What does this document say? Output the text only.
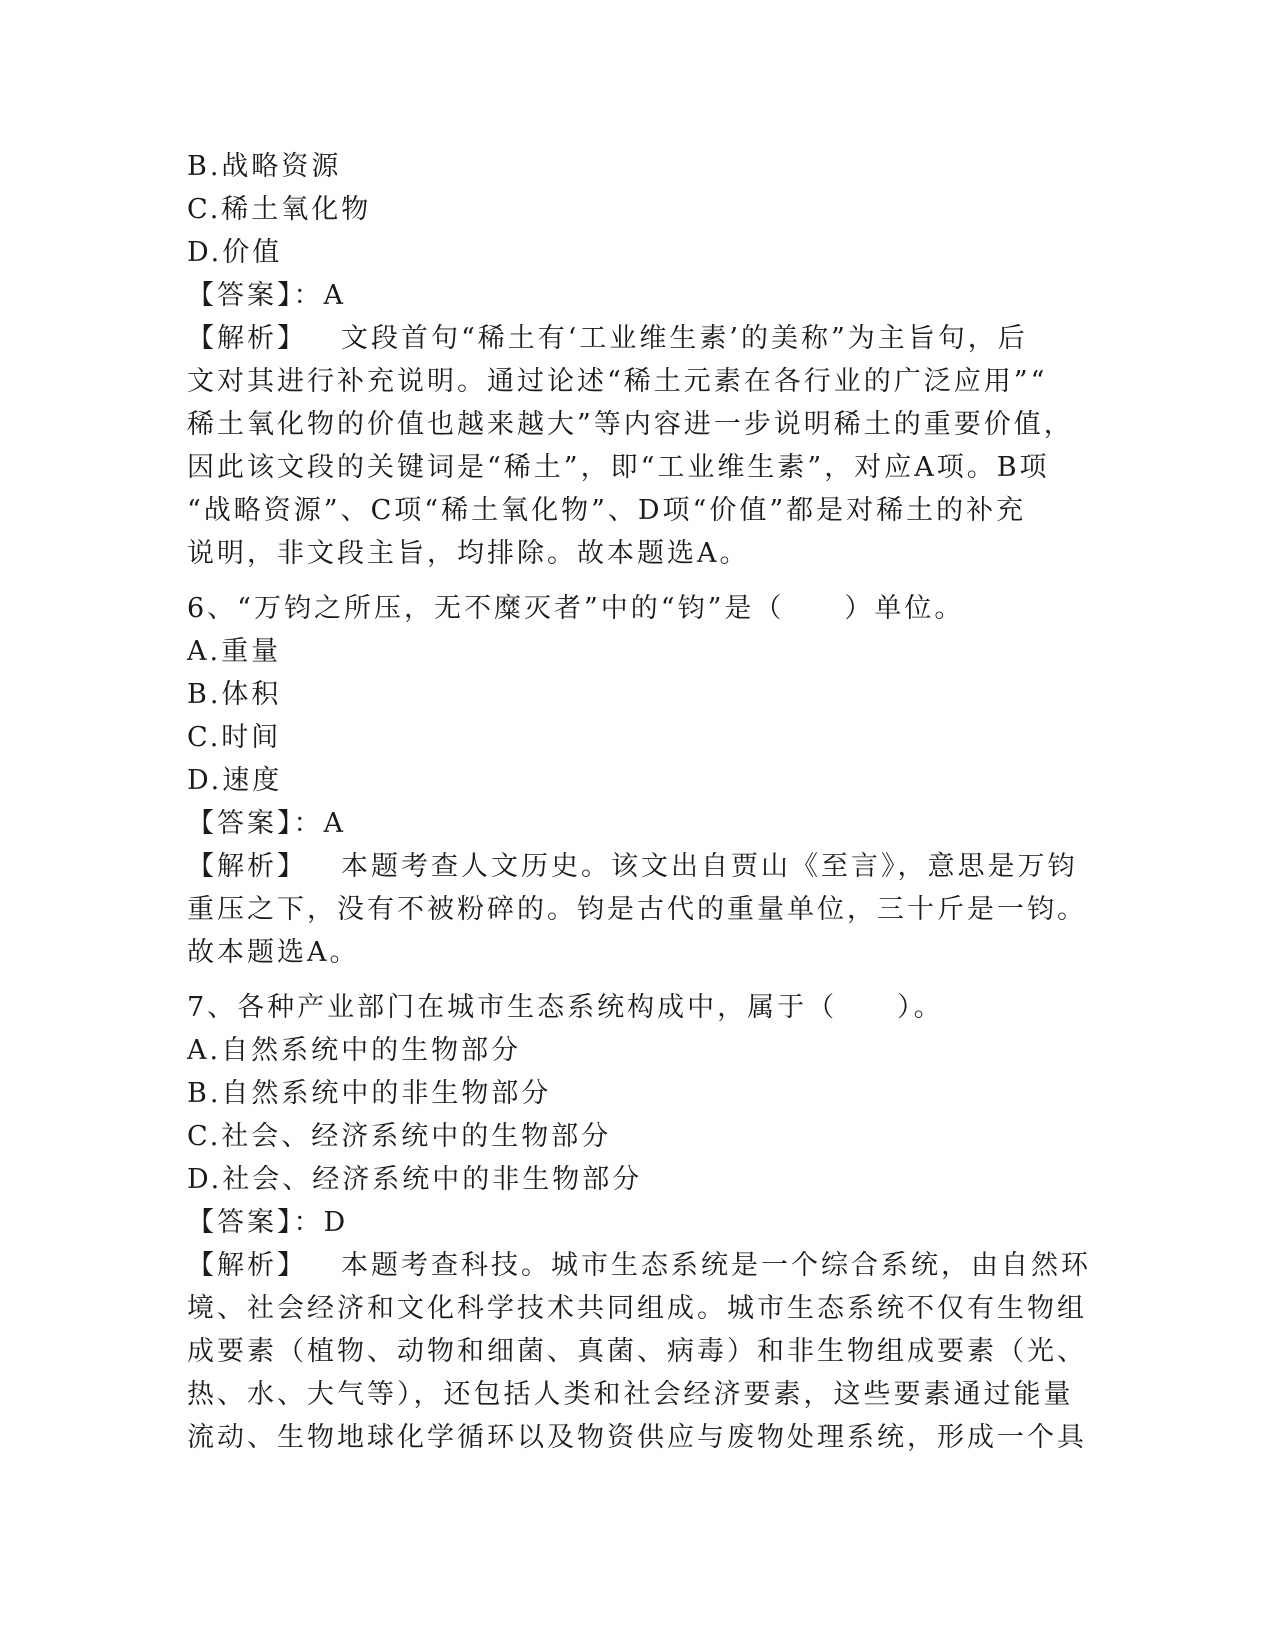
B.战略资源
C.稀土氧化物
D.价值
【答案】：A
【解析】 文段首句“稀土有‘工业维生素’的美称”为主旨句，后
文对其进行补充说明。通过论述“稀土元素在各行业的广泛应用”“
稀土氧化物的价值也越来越大”等内容进一步说明稀土的重要价值，
因此该文段的关键词是“稀土”，即“工业维生素”，对应A项。B项
“战略资源”、C项“稀土氧化物”、D项“价值”都是对稀土的补充
说明，非文段主旨，均排除。故本题选A。
6、“万钧之所压，无不糜灭者”中的“钧”是（　　）单位。
A.重量
B.体积
C.时间
D.速度
【答案】：A
【解析】 本题考查人文历史。该文出自贾山《至言》，意思是万钧
重压之下，没有不被粉碎的。钧是古代的重量单位，三十斤是一钧。
故本题选A。
7、各种产业部门在城市生态系统构成中，属于（　　）。
A.自然系统中的生物部分
B.自然系统中的非生物部分
C.社会、经济系统中的生物部分
D.社会、经济系统中的非生物部分
【答案】：D
【解析】 本题考查科技。城市生态系统是一个综合系统，由自然环
境、社会经济和文化科学技术共同组成。城市生态系统不仅有生物组
成要素（植物、动物和细菌、真菌、病毒）和非生物组成要素（光、
热、水、大气等），还包括人类和社会经济要素，这些要素通过能量
流动、生物地球化学循环以及物资供应与废物处理系统，形成一个具
